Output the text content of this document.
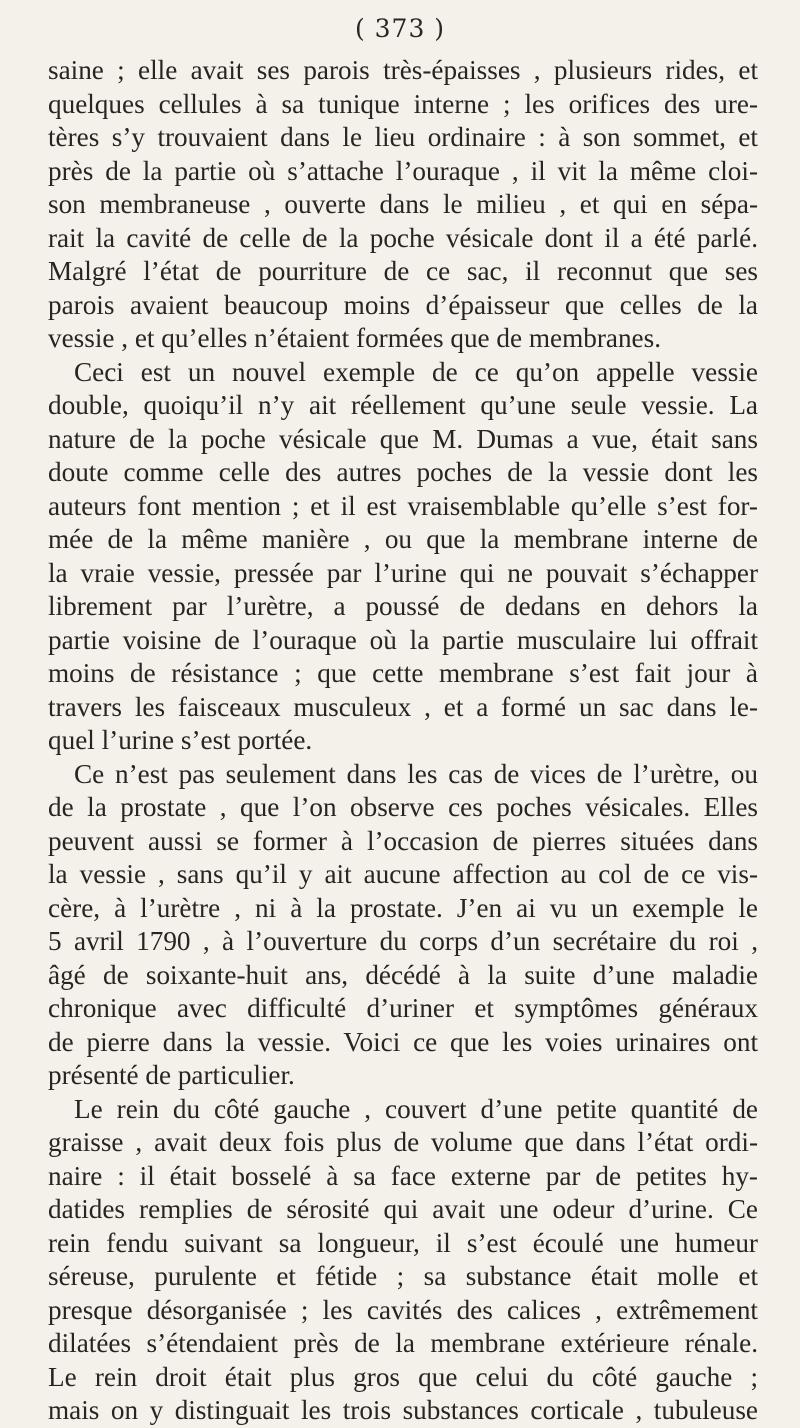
( 373 )
saine ; elle avait ses parois très-épaisses , plusieurs rides, et
quelques cellules à sa tunique interne ; les orifices des ure-
tères s’y trouvaient dans le lieu ordinaire : à son sommet, et
près de la partie où s’attache l’ouraque , il vit la même cloi-
son membraneuse , ouverte dans le milieu , et qui en sépa-
rait la cavité de celle de la poche vésicale dont il a été parlé.
Malgré l’état de pourriture de ce sac, il reconnut que ses
parois avaient beaucoup moins d’épaisseur que celles de la
vessie , et qu’elles n’étaient formées que de membranes.
Ceci est un nouvel exemple de ce qu’on appelle vessie
double, quoiqu’il n’y ait réellement qu’une seule vessie. La
nature de la poche vésicale que M. Dumas a vue, était sans
doute comme celle des autres poches de la vessie dont les
auteurs font mention ; et il est vraisemblable qu’elle s’est for-
mée de la même manière , ou que la membrane interne de
la vraie vessie, pressée par l’urine qui ne pouvait s’échapper
librement par l’urètre, a poussé de dedans en dehors la
partie voisine de l’ouraque où la partie musculaire lui offrait
moins de résistance ; que cette membrane s’est fait jour à
travers les faisceaux musculeux , et a formé un sac dans le-
quel l’urine s’est portée.
Ce n’est pas seulement dans les cas de vices de l’urètre, ou
de la prostate , que l’on observe ces poches vésicales. Elles
peuvent aussi se former à l’occasion de pierres situées dans
la vessie , sans qu’il y ait aucune affection au col de ce vis-
cère, à l’urètre , ni à la prostate. J’en ai vu un exemple le
5 avril 1790 , à l’ouverture du corps d’un secrétaire du roi ,
âgé de soixante-huit ans, décédé à la suite d’une maladie
chronique avec difficulté d’uriner et symptômes généraux
de pierre dans la vessie. Voici ce que les voies urinaires ont
présenté de particulier.
Le rein du côté gauche , couvert d’une petite quantité de
graisse , avait deux fois plus de volume que dans l’état ordi-
naire : il était bosselé à sa face externe par de petites hy-
datides remplies de sérosité qui avait une odeur d’urine. Ce
rein fendu suivant sa longueur, il s’est écoulé une humeur
séreuse, purulente et fétide ; sa substance était molle et
presque désorganisée ; les cavités des calices , extrêmement
dilatées s’étendaient près de la membrane extérieure rénale.
Le rein droit était plus gros que celui du côté gauche ;
mais on y distinguait les trois substances corticale , tubuleuse
